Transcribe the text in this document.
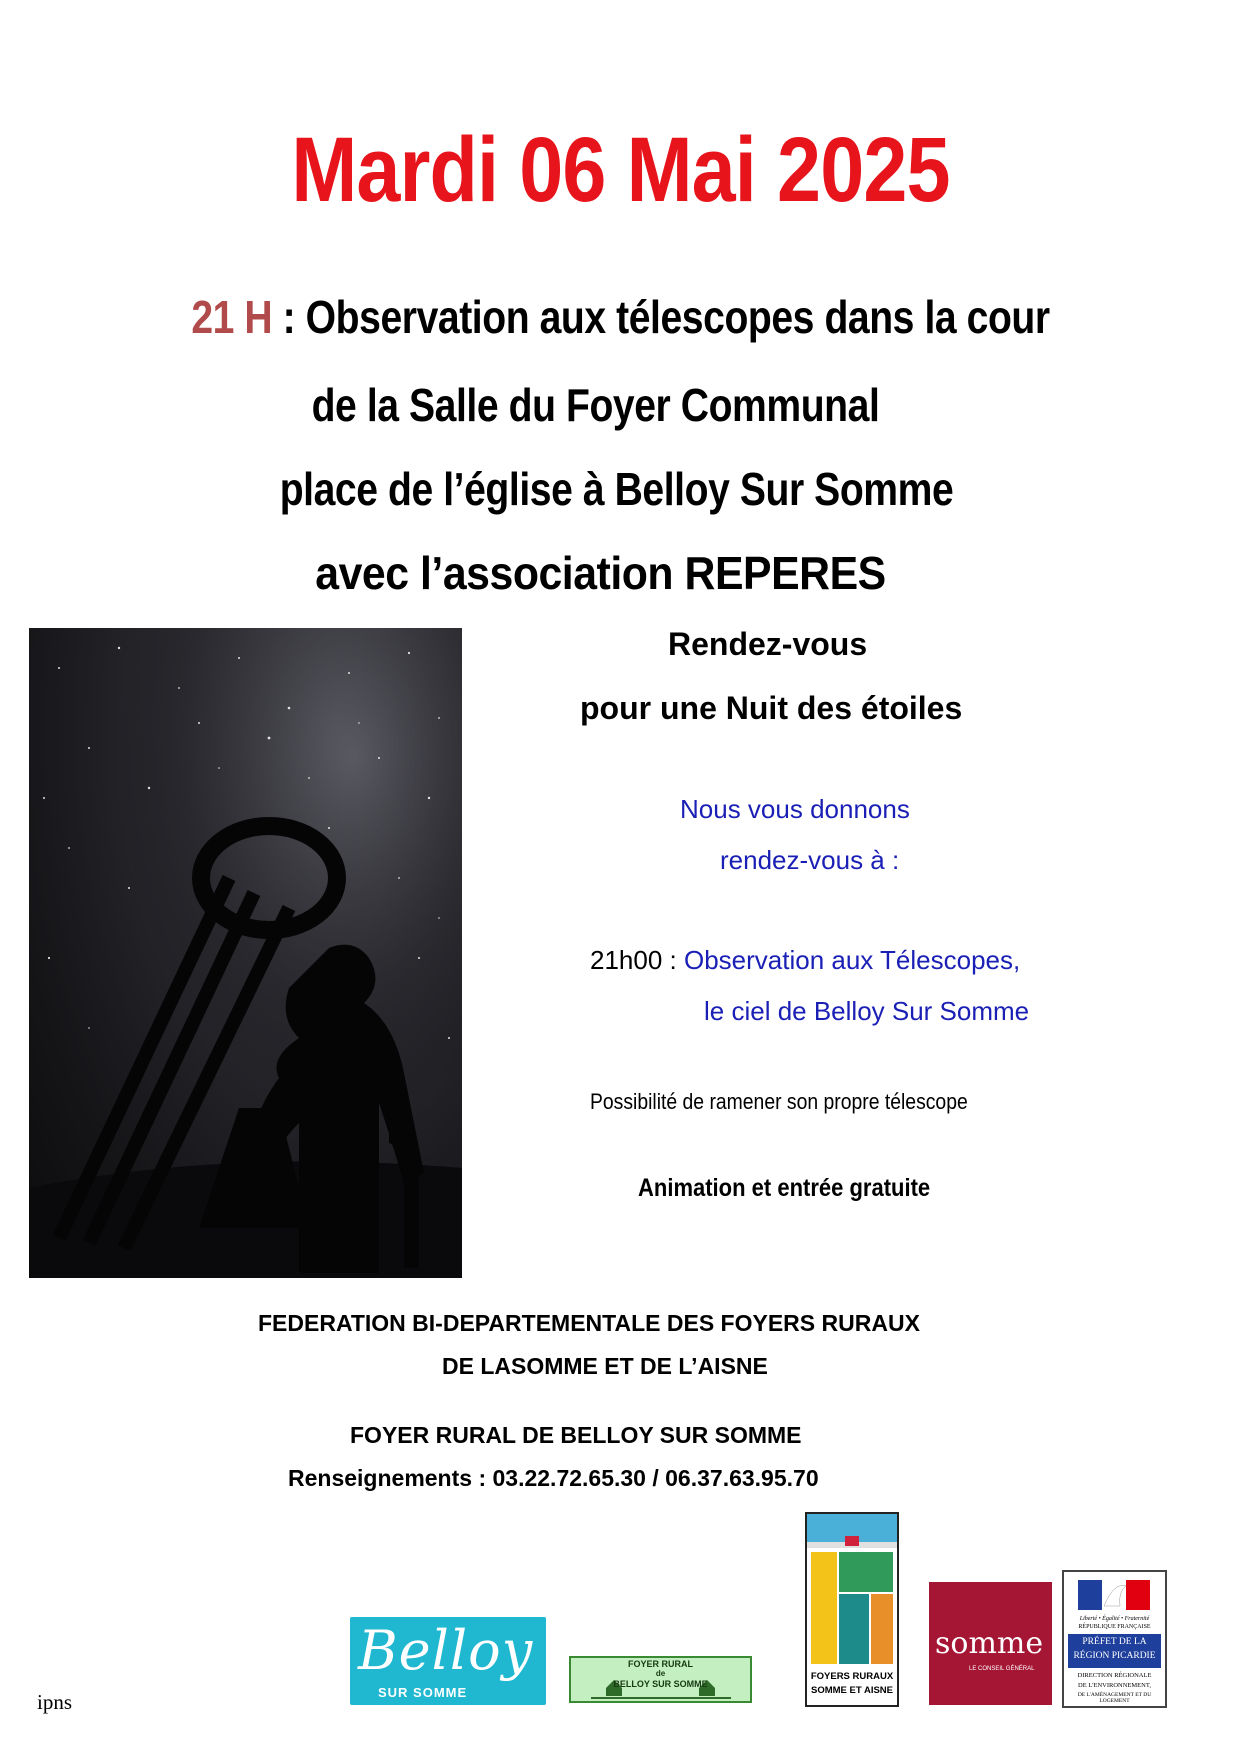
Mardi 06 Mai 2025
21 H : Observation aux télescopes dans la cour
de la Salle du Foyer Communal
place de l’église à Belloy Sur Somme
avec l’association REPERES
Rendez-vous
pour une Nuit des étoiles
Nous vous donnons
rendez-vous à :
21h00 : Observation aux Télescopes,
le ciel de Belloy Sur Somme
Possibilité de ramener son propre télescope
Animation et entrée gratuite
FEDERATION BI-DEPARTEMENTALE DES FOYERS RURAUX
DE LASOMME ET DE L’AISNE
FOYER RURAL DE BELLOY SUR SOMME
Renseignements : 03.22.72.65.30 / 06.37.63.95.70
ipns
Belloy
SUR SOMME
FOYER RURAL
de
BELLOY SUR SOMME
FOYERS RURAUX
SOMME ET AISNE
somme
LE CONSEIL GÉNÉRAL
Liberté • Égalité • Fraternité
RÉPUBLIQUE FRANÇAISE
PRÉFET DE LA
RÉGION PICARDIE
DIRECTION RÉGIONALE
DE L'ENVIRONNEMENT,
DE L'AMÉNAGEMENT ET DU LOGEMENT
